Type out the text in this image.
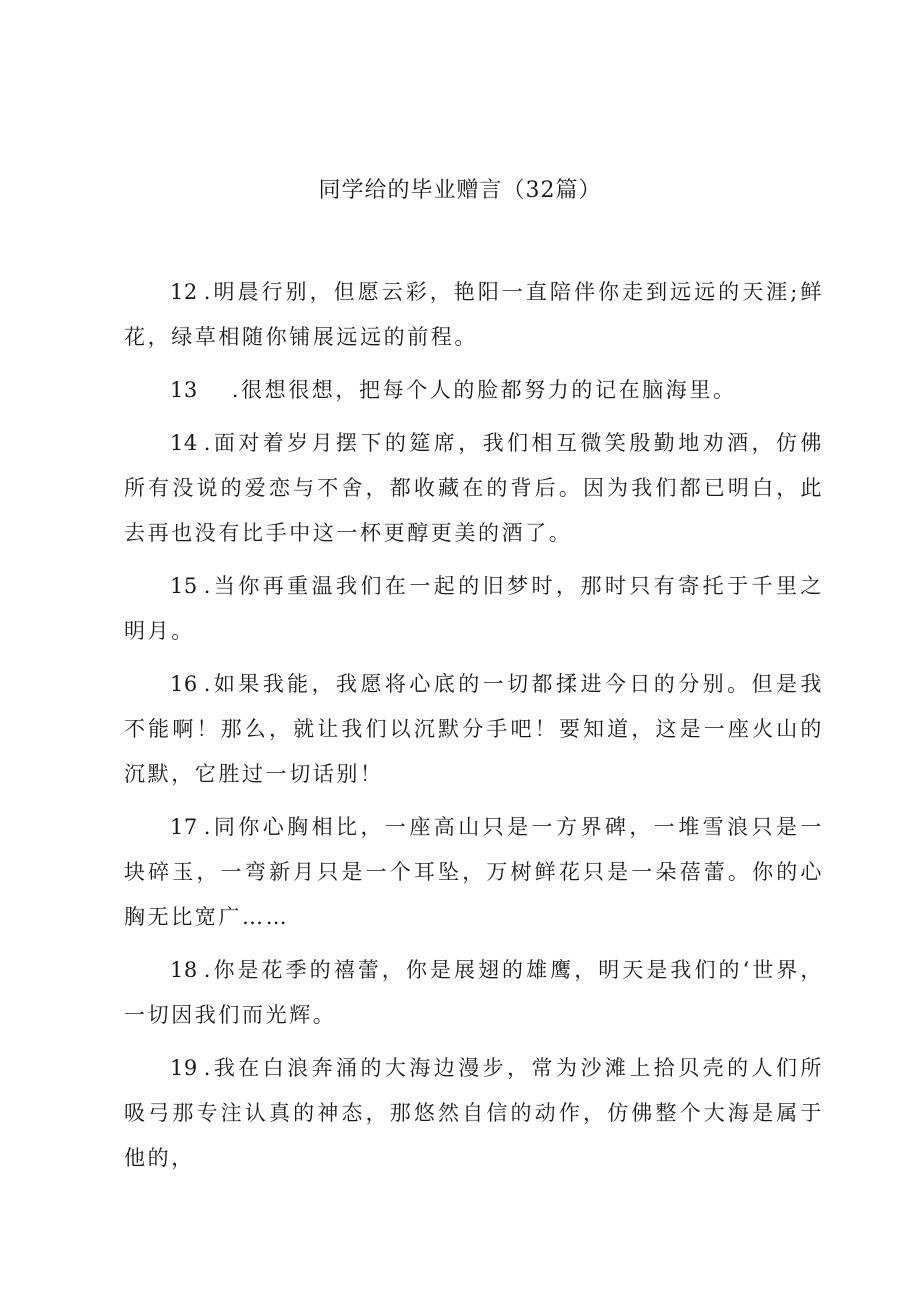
同学给的毕业赠言（32篇）

12 .明晨行别，但愿云彩，艳阳一直陪伴你走到远远的天涯;鲜花，绿草相随你铺展远远的前程。

13 .很想很想，把每个人的脸都努力的记在脑海里。

14 .面对着岁月摆下的筵席，我们相互微笑殷勤地劝酒，仿佛所有没说的爱恋与不舍，都收藏在的背后。因为我们都已明白，此去再也没有比手中这一杯更醇更美的酒了。

15 .当你再重温我们在一起的旧梦时，那时只有寄托于千里之明月。

16 .如果我能，我愿将心底的一切都揉进今日的分别。但是我不能啊！那么，就让我们以沉默分手吧！要知道，这是一座火山的沉默，它胜过一切话别！

17 .同你心胸相比，一座高山只是一方界碑，一堆雪浪只是一块碎玉，一弯新月只是一个耳坠，万树鲜花只是一朵蓓蕾。你的心胸无比宽广……

18 .你是花季的禧蕾，你是展翅的雄鹰，明天是我们的‘世界，一切因我们而光辉。

19 .我在白浪奔涌的大海边漫步，常为沙滩上拾贝壳的人们所吸弓那专注认真的神态，那悠然自信的动作，仿佛整个大海是属于他的，
